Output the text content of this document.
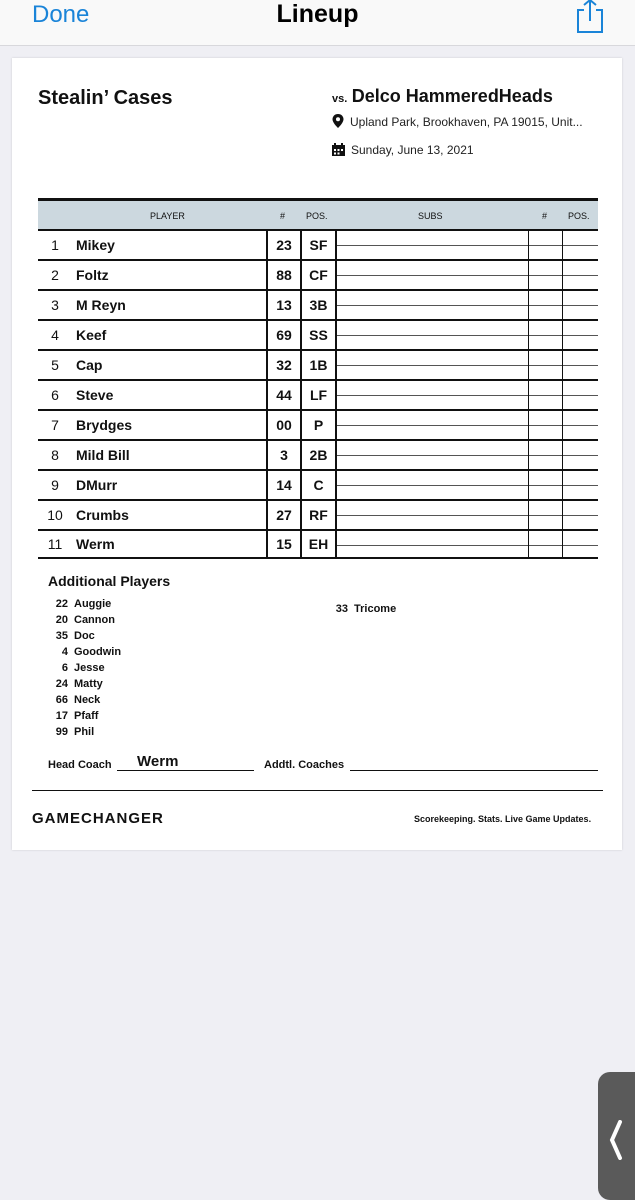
Done	Lineup
Stealin’ Cases	vs. Delco HammeredHeads
Upland Park, Brookhaven, PA 19015, Unit...
Sunday, June 13, 2021
PLAYER	# POS.	SUBS	# POS.
1	Mikey	23	SF
2	Foltz	88	CF
3	M Reyn	13	3B
4	Keef	69	SS
5	Cap	32	1B
6	Steve	44	LF
7	Brydges	00	P
8	Mild Bill	3	2B
9	DMurr	14	C
10 Crumbs	27	RF
11 Werm	15	EH
Additional Players
22 Auggie
20 Cannon
35 Doc
4 Goodwin
6 Jesse
24 Matty
66 Neck
17 Pfaff
99 Phil
33 Tricome
Head Coach Werm	Addtl. Coaches
GAMECHANGER	Scorekeeping. Stats. Live Game Updates.
